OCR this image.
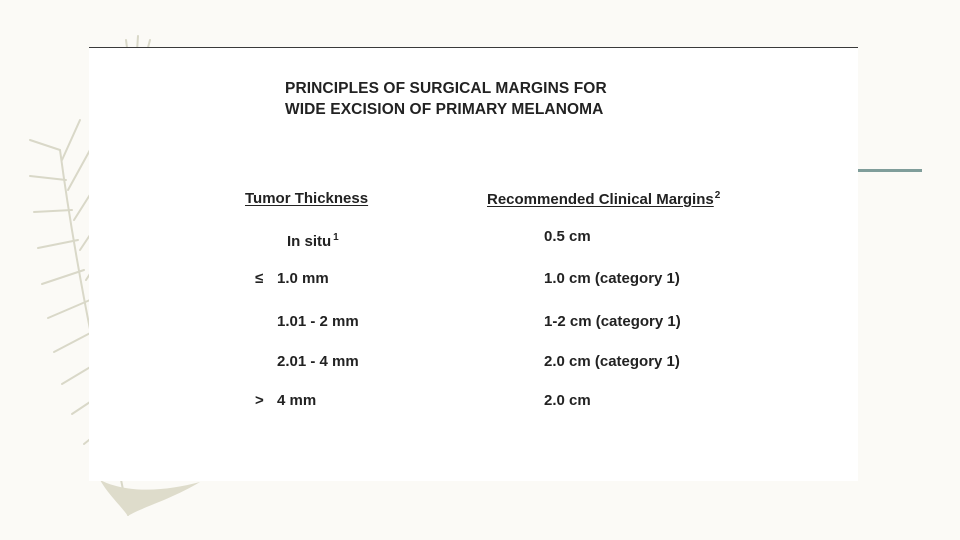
PRINCIPLES OF SURGICAL MARGINS FOR
WIDE EXCISION OF PRIMARY MELANOMA
Tumor Thickness	Recommended Clinical Margins$^2$
In situ $^1$	0.5 cm
≤ 1.0 mm	1.0 cm (category 1)
1.01 - 2 mm	1-2 cm (category 1)
2.01 - 4 mm	2.0 cm (category 1)
> 4 mm	2.0 cm
